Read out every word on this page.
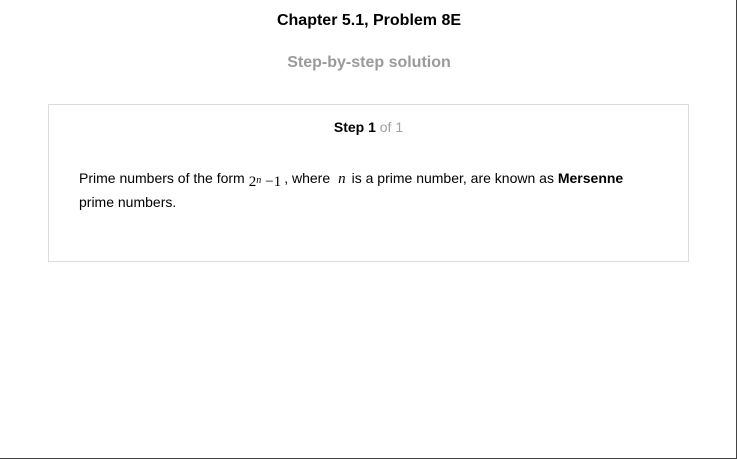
Chapter 5.1, Problem 8E
Step-by-step solution
Step 1 of 1
Prime numbers of the form $2^n -1$ , where n is a prime number, are known as Mersenne prime numbers.
